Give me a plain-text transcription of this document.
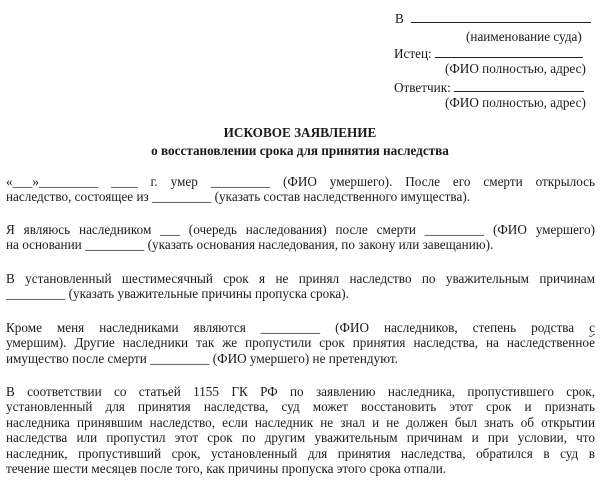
В
(наименование суда)
Истец:
(ФИО полностью, адрес)
Ответчик:
(ФИО полностью, адрес)
ИСКОВОЕ ЗАЯВЛЕНИЕ
о восстановлении срока для принятия наследства
«___»_________ ____ г. умер _________ (ФИО умершего). После его смерти открылось
наследство, состоящее из _________ (указать состав наследственного имущества).
Я являюсь наследником ___ (очередь наследования) после смерти _________ (ФИО умершего)
на основании _________ (указать основания наследования, по закону или завещанию).
В установленный шестимесячный срок я не принял наследство по уважительным причинам
_________ (указать уважительные причины пропуска срока).
Кроме меня наследниками являются _________ (ФИО наследников, степень родства с
умершим). Другие наследники так же пропустили срок принятия наследства, на наследственное
имущество после смерти _________ (ФИО умершего) не претендуют.
В соответствии со статьей 1155 ГК РФ по заявлению наследника, пропустившего срок,
установленный для принятия наследства, суд может восстановить этот срок и признать
наследника принявшим наследство, если наследник не знал и не должен был знать об открытии
наследства или пропустил этот срок по другим уважительным причинам и при условии, что
наследник, пропустивший срок, установленный для принятия наследства, обратился в суд в
течение шести месяцев после того, как причины пропуска этого срока отпали.
